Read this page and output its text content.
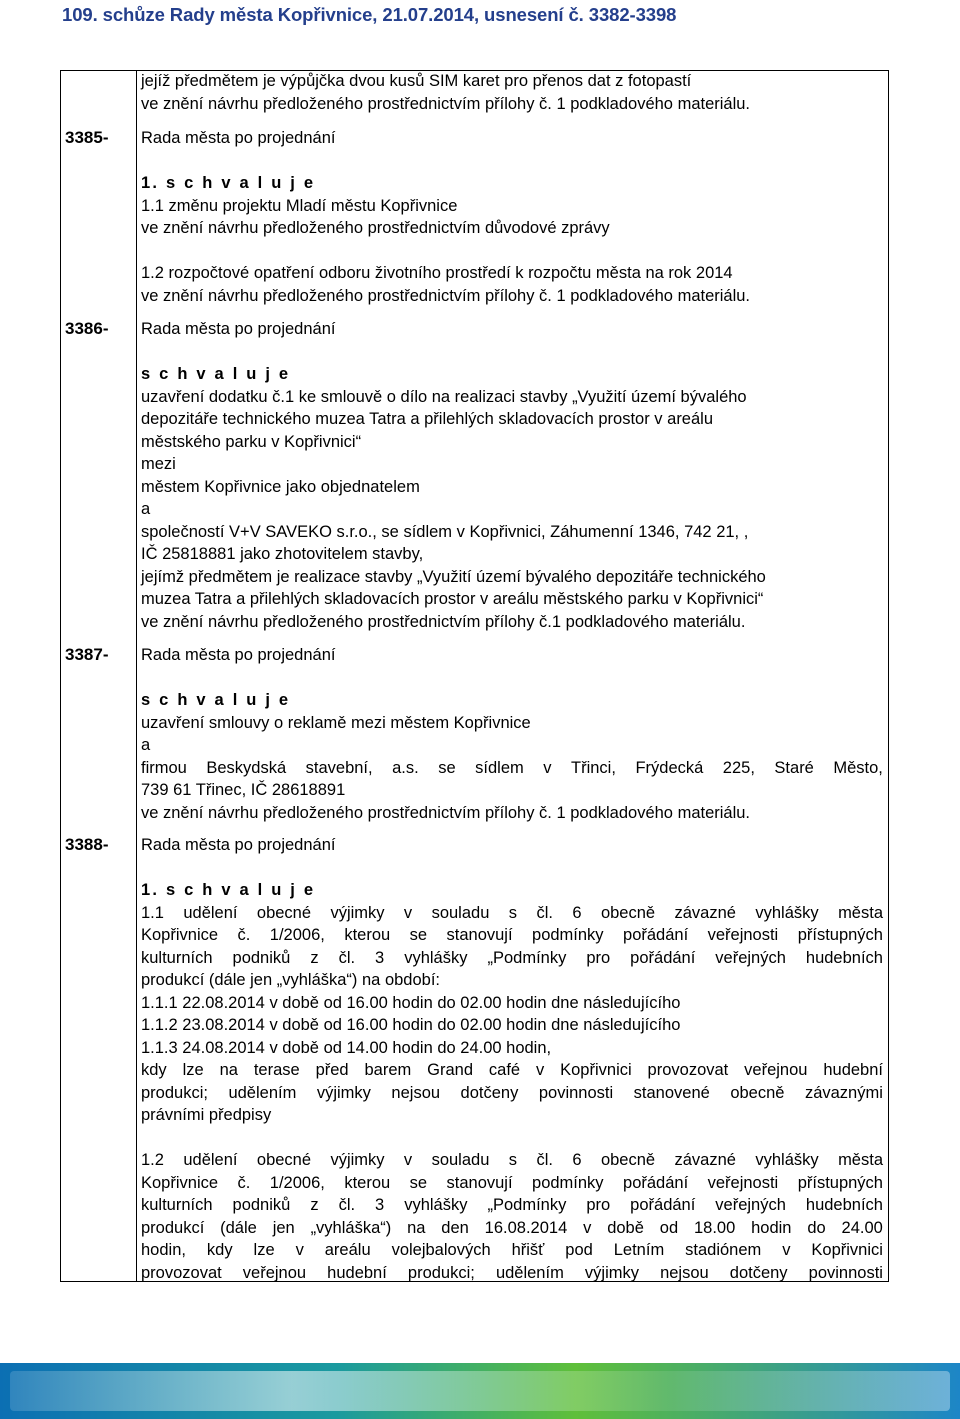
109. schůze Rady města Kopřivnice, 21.07.2014, usnesení č. 3382-3398
jejíž předmětem je výpůjčka dvou kusů SIM karet pro přenos dat z fotopastí
ve znění návrhu předloženého prostřednictvím přílohy č. 1 podkladového materiálu.
3385-	Rada města po projednání
1. s c h v a l u j e
1.1 změnu projektu Mladí městu Kopřivnice
ve znění návrhu předloženého prostřednictvím důvodové zprávy
1.2 rozpočtové opatření odboru životního prostředí k rozpočtu města na rok 2014
ve znění návrhu předloženého prostřednictvím přílohy č. 1 podkladového materiálu.
3386-	Rada města po projednání
s c h v a l u j e
uzavření dodatku č.1 ke smlouvě o dílo na realizaci stavby „Využití území bývalého
depozitáře technického muzea Tatra a přilehlých skladovacích prostor v areálu
městského parku v Kopřivnici“
mezi
městem Kopřivnice jako objednatelem
a
společností V+V SAVEKO s.r.o., se sídlem v Kopřivnici, Záhumenní 1346, 742 21, ,
IČ 25818881 jako zhotovitelem stavby,
jejímž předmětem je realizace stavby „Využití území bývalého depozitáře technického
muzea Tatra a přilehlých skladovacích prostor v areálu městského parku v Kopřivnici“
ve znění návrhu předloženého prostřednictvím přílohy č.1 podkladového materiálu.
3387-	Rada města po projednání
s c h v a l u j e
uzavření smlouvy o reklamě mezi městem Kopřivnice
a
firmou Beskydská stavební, a.s. se sídlem v Třinci, Frýdecká 225, Staré Město,
739 61 Třinec, IČ 28618891
ve znění návrhu předloženého prostřednictvím přílohy č. 1 podkladového materiálu.
3388-	Rada města po projednání
1. s c h v a l u j e
1.1 udělení obecné výjimky v souladu s čl. 6 obecně závazné vyhlášky města
Kopřivnice č. 1/2006, kterou se stanovují podmínky pořádání veřejnosti přístupných
kulturních podniků z čl. 3 vyhlášky „Podmínky pro pořádání veřejných hudebních
produkcí (dále jen „vyhláška“) na období:
1.1.1 22.08.2014 v době od 16.00 hodin do 02.00 hodin dne následujícího
1.1.2 23.08.2014 v době od 16.00 hodin do 02.00 hodin dne následujícího
1.1.3 24.08.2014 v době od 14.00 hodin do 24.00 hodin,
kdy lze na terase před barem Grand café v Kopřivnici provozovat veřejnou hudební
produkci; udělením výjimky nejsou dotčeny povinnosti stanovené obecně závaznými
právními předpisy
1.2 udělení obecné výjimky v souladu s čl. 6 obecně závazné vyhlášky města
Kopřivnice č. 1/2006, kterou se stanovují podmínky pořádání veřejnosti přístupných
kulturních podniků z čl. 3 vyhlášky „Podmínky pro pořádání veřejných hudebních
produkcí (dále jen „vyhláška“) na den 16.08.2014 v době od 18.00 hodin do 24.00
hodin, kdy lze v areálu volejbalových hřišť pod Letním stadiónem v Kopřivnici
provozovat veřejnou hudební produkci; udělením výjimky nejsou dotčeny povinnosti
